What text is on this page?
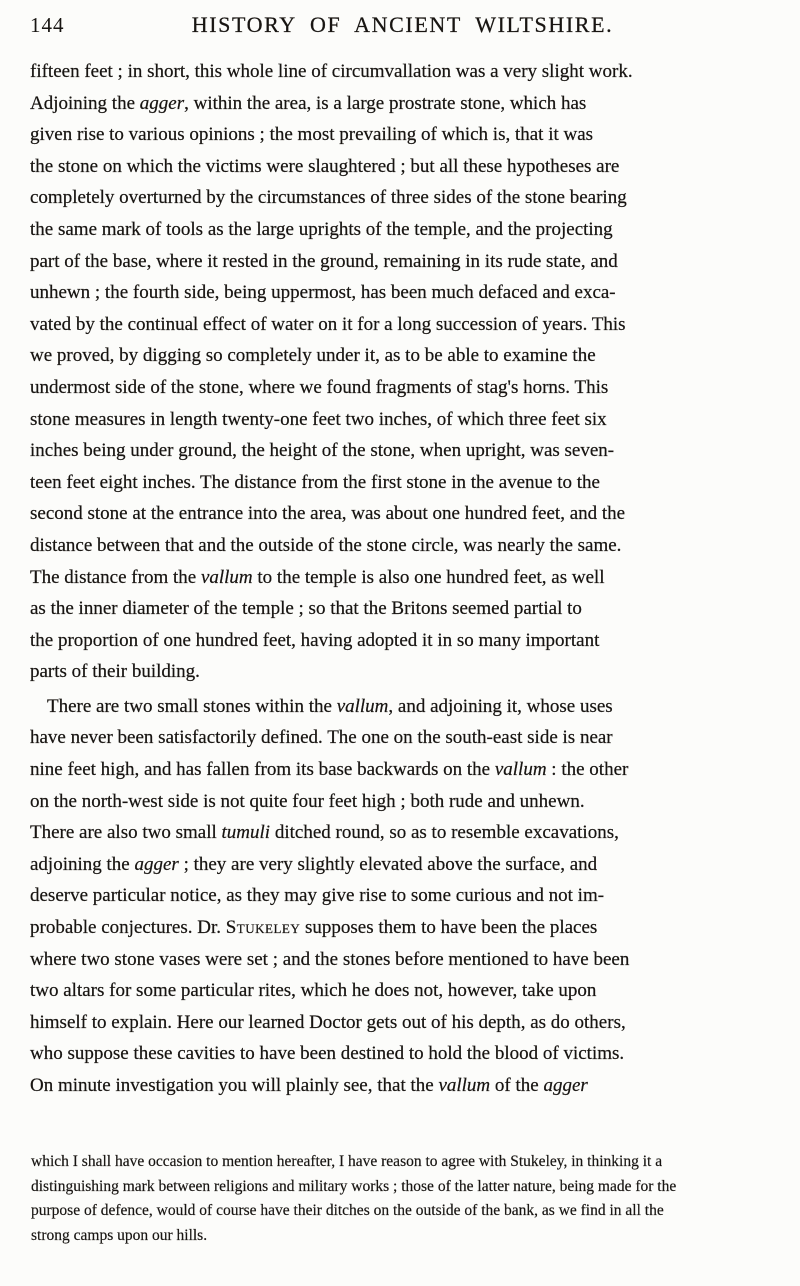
144	HISTORY OF ANCIENT WILTSHIRE.
fifteen feet ; in short, this whole line of circumvallation was a very slight work.
Adjoining the agger, within the area, is a large prostrate stone, which has
given rise to various opinions ; the most prevailing of which is, that it was
the stone on which the victims were slaughtered ; but all these hypotheses are
completely overturned by the circumstances of three sides of the stone bearing
the same mark of tools as the large uprights of the temple, and the projecting
part of the base, where it rested in the ground, remaining in its rude state, and
unhewn ; the fourth side, being uppermost, has been much defaced and exca-
vated by the continual effect of water on it for a long succession of years. This
we proved, by digging so completely under it, as to be able to examine the
undermost side of the stone, where we found fragments of stag's horns. This
stone measures in length twenty-one feet two inches, of which three feet six
inches being under ground, the height of the stone, when upright, was seven-
teen feet eight inches. The distance from the first stone in the avenue to the
second stone at the entrance into the area, was about one hundred feet, and the
distance between that and the outside of the stone circle, was nearly the same.
The distance from the vallum to the temple is also one hundred feet, as well
as the inner diameter of the temple ; so that the Britons seemed partial to
the proportion of one hundred feet, having adopted it in so many important
parts of their building.
There are two small stones within the vallum, and adjoining it, whose uses
have never been satisfactorily defined. The one on the south-east side is near
nine feet high, and has fallen from its base backwards on the vallum : the other
on the north-west side is not quite four feet high ; both rude and unhewn.
There are also two small tumuli ditched round, so as to resemble excavations,
adjoining the agger ; they are very slightly elevated above the surface, and
deserve particular notice, as they may give rise to some curious and not im-
probable conjectures. Dr. Stukeley supposes them to have been the places
where two stone vases were set ; and the stones before mentioned to have been
two altars for some particular rites, which he does not, however, take upon
himself to explain. Here our learned Doctor gets out of his depth, as do others,
who suppose these cavities to have been destined to hold the blood of victims.
On minute investigation you will plainly see, that the vallum of the agger
which I shall have occasion to mention hereafter, I have reason to agree with Stukeley, in thinking it a
distinguishing mark between religions and military works ; those of the latter nature, being made for the
purpose of defence, would of course have their ditches on the outside of the bank, as we find in all the
strong camps upon our hills.
